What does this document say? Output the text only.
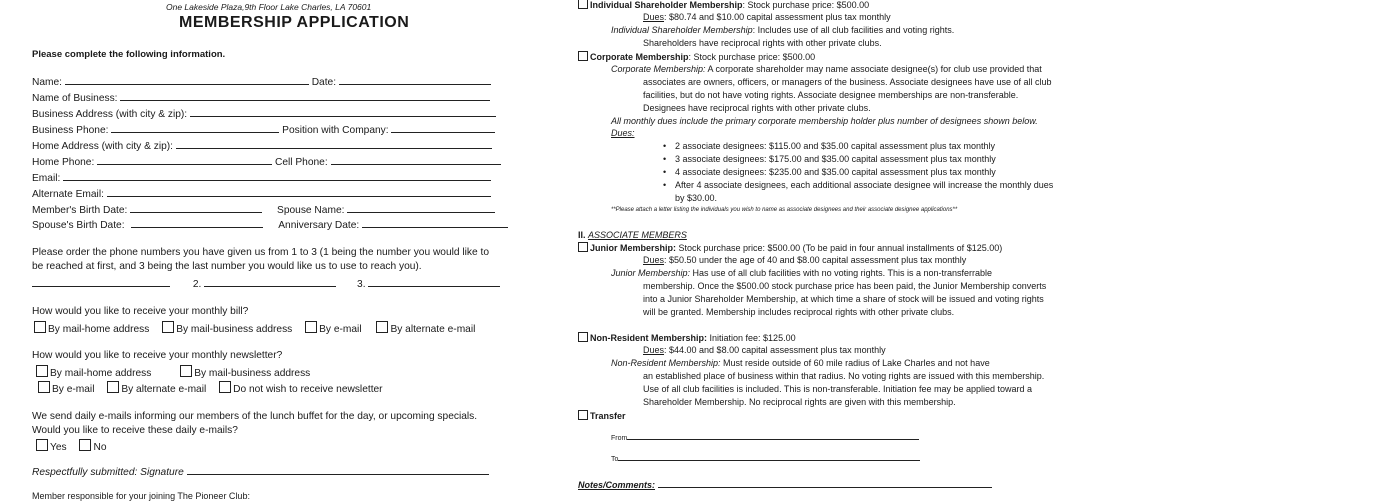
One Lakeside Plaza,9th Floor Lake Charles, LA 70601
MEMBERSHIP APPLICATION
Please complete the following information.
Name:	Date:
Name of Business:
Business Address (with city & zip):
Business Phone:	Position with Company:
Home Address (with city & zip):
Home Phone:	Cell Phone:
Email:
Alternate Email:
Member's Birth Date:	Spouse Name:
Spouse's Birth Date:	Anniversary Date:
Please order the phone numbers you have given us from 1 to 3 (1 being the number you would like to be reached at first, and 3 being the last number you would like us to use to reach you).
2.	3.
How would you like to receive your monthly bill?
By mail-home address	By mail-business address	By e-mail	By alternate e-mail
How would you like to receive your monthly newsletter?
By mail-home address	By mail-business address
By e-mail	By alternate e-mail	Do not wish to receive newsletter
We send daily e-mails informing our members of the lunch buffet for the day, or upcoming specials. Would you like to receive these daily e-mails?
Yes	No
Respectfully submitted: Signature
Member responsible for your joining The Pioneer Club:
Individual Shareholder Membership: Stock purchase price: $500.00
Dues: $80.74 and $10.00 capital assessment plus tax monthly
Individual Shareholder Membership: Includes use of all club facilities and voting rights.
Shareholders have reciprocal rights with other private clubs.
Corporate Membership: Stock purchase price: $500.00
Corporate Membership: A corporate shareholder may name associate designee(s) for club use provided that
associates are owners, officers, or managers of the business. Associate designees have use of all club
facilities, but do not have voting rights. Associate designee memberships are non-transferable.
Designees have reciprocal rights with other private clubs.
All monthly dues include the primary corporate membership holder plus number of designees shown below.
Dues:
• 2 associate designees: $115.00 and $35.00 capital assessment plus tax monthly
• 3 associate designees: $175.00 and $35.00 capital assessment plus tax monthly
• 4 associate designees: $235.00 and $35.00 capital assessment plus tax monthly
• After 4 associate designees, each additional associate designee will increase the monthly dues
by $30.00.
**Please attach a letter listing the individuals you wish to name as associate designees and their associate designee applications**
II. ASSOCIATE MEMBERS
Junior Membership: Stock purchase price: $500.00 (To be paid in four annual installments of $125.00)
Dues: $50.50 under the age of 40 and $8.00 capital assessment plus tax monthly
Junior Membership: Has use of all club facilities with no voting rights. This is a non-transferrable
membership. Once the $500.00 stock purchase price has been paid, the Junior Membership converts
into a Junior Shareholder Membership, at which time a share of stock will be issued and voting rights
will be granted. Membership includes reciprocal rights with other private clubs.
Non-Resident Membership: Initiation fee: $125.00
Dues: $44.00 and $8.00 capital assessment plus tax monthly
Non-Resident Membership: Must reside outside of 60 mile radius of Lake Charles and not have
an established place of business within that radius. No voting rights are issued with this membership.
Use of all club facilities is included. This is non-transferable. Initiation fee may be applied toward a
Shareholder Membership. No reciprocal rights are given with this membership.
Transfer
From
To
Notes/Comments:
